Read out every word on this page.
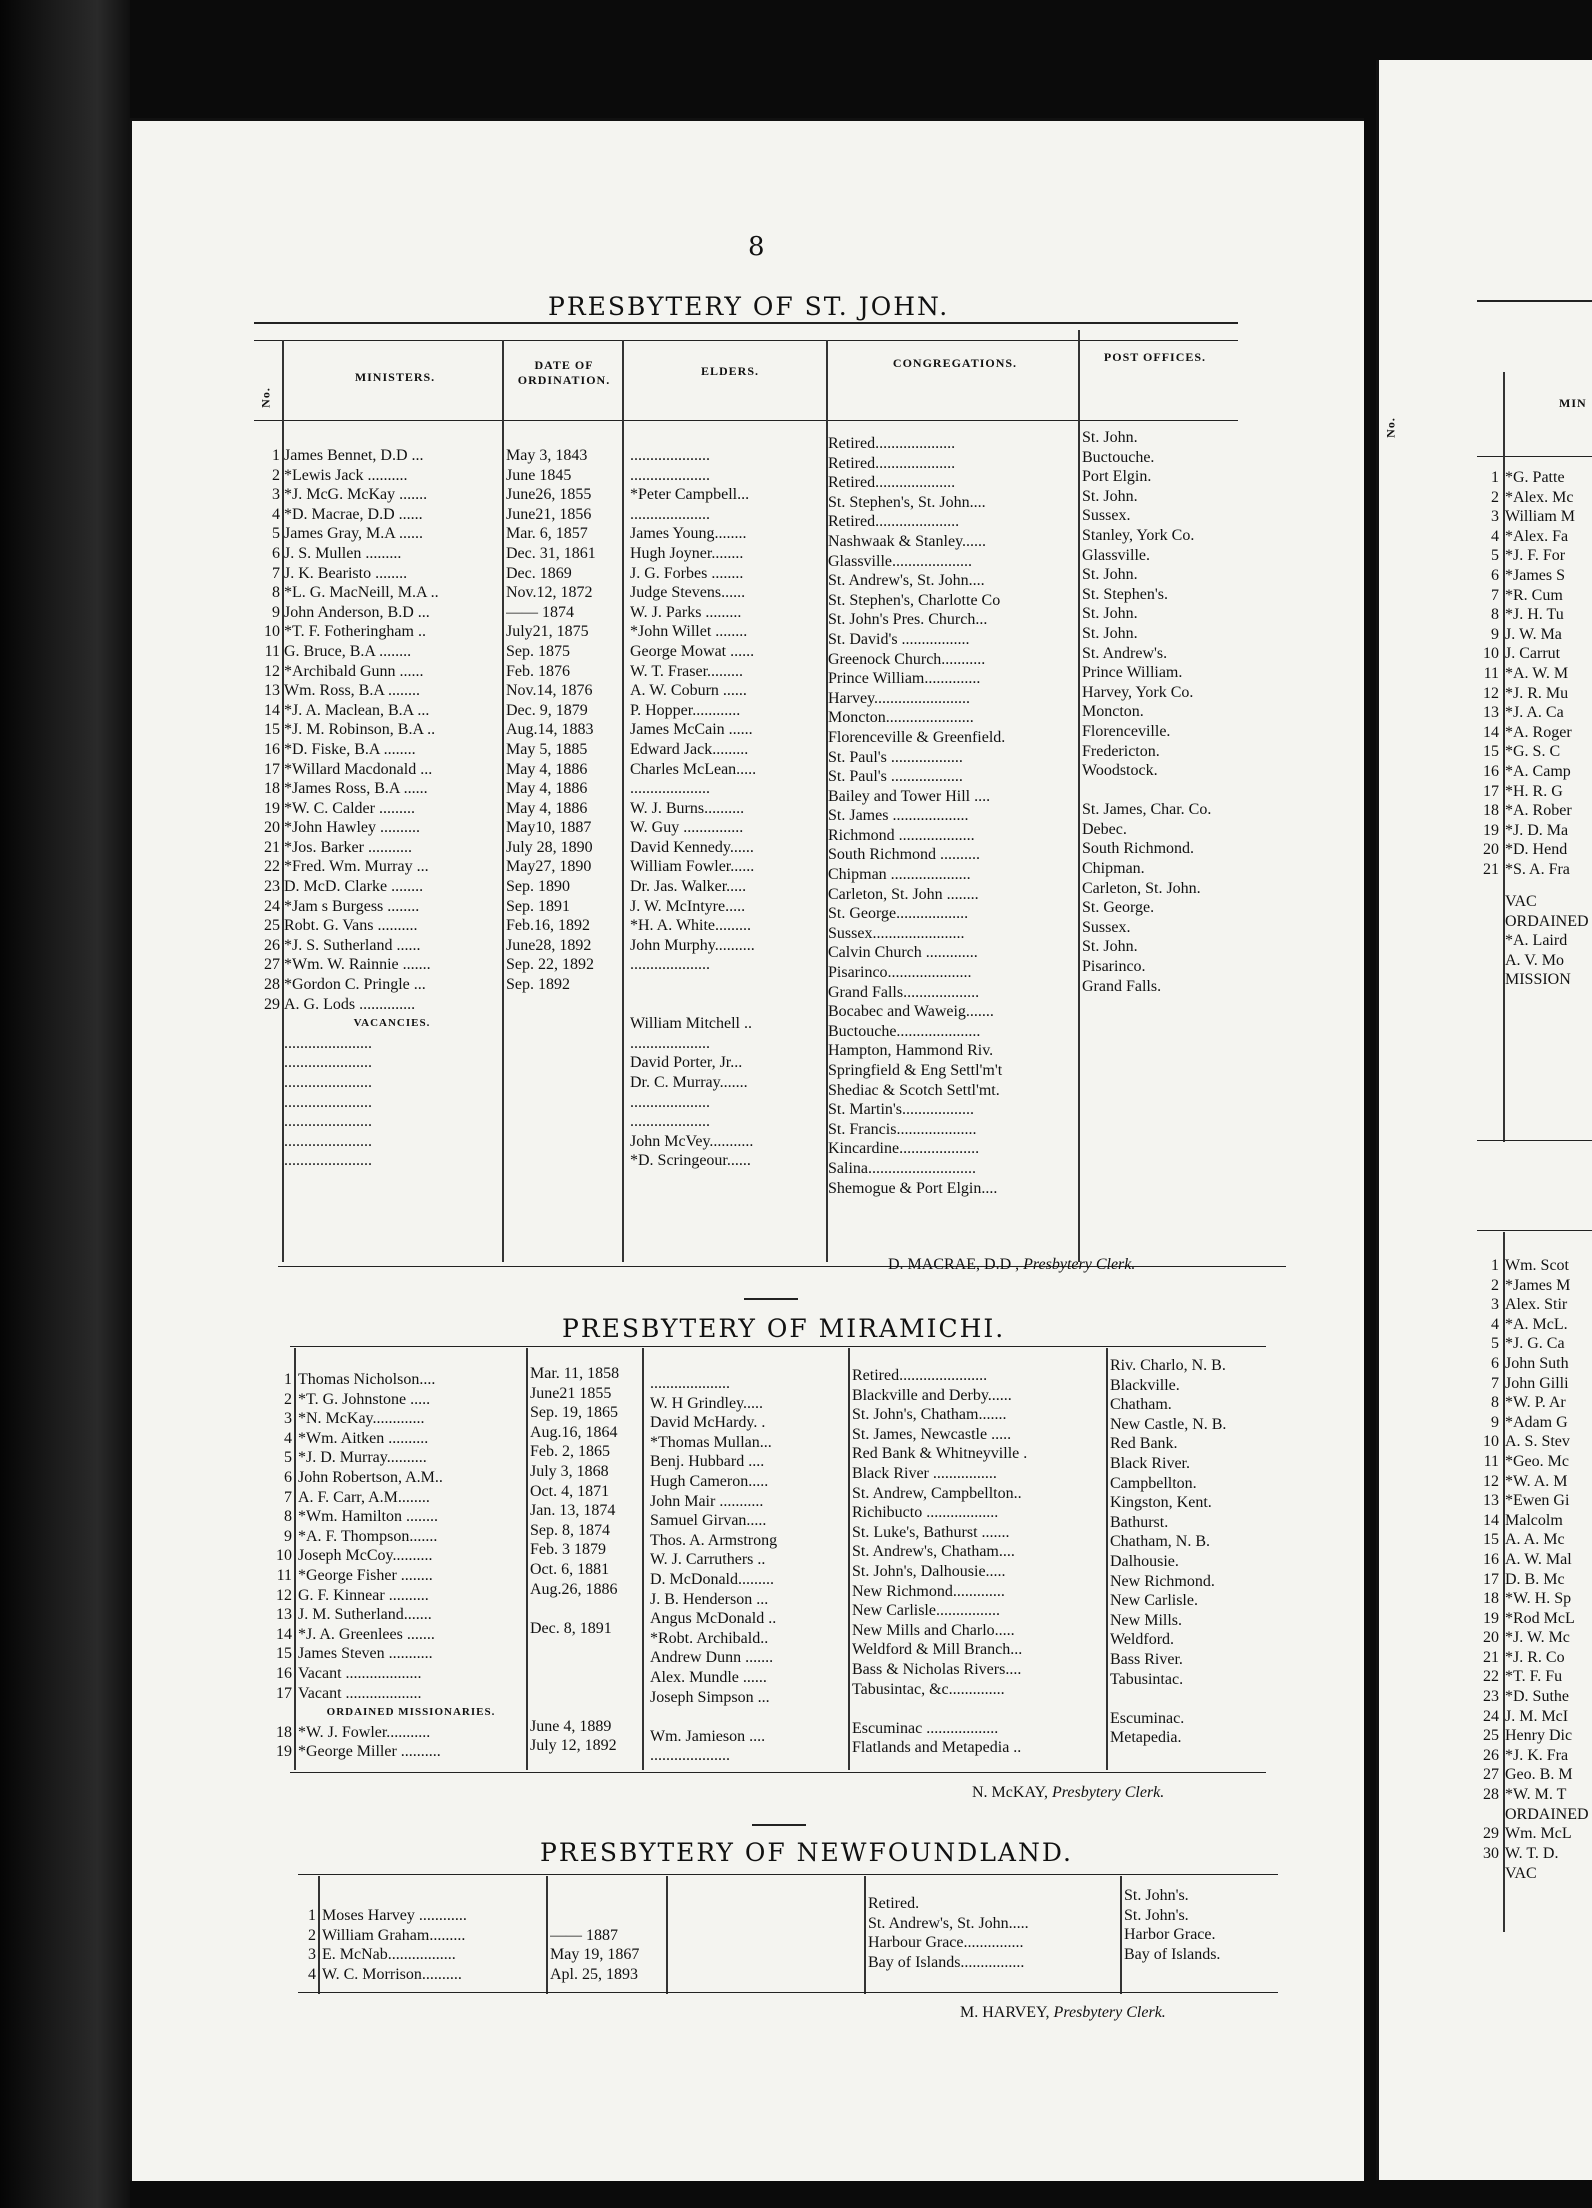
8
PRESBYTERY OF ST. JOHN.
No.
MINISTERS.
DATE OF ORDINATION.
ELDERS.
CONGREGATIONS.	POST OFFICES.
1
2
3
4
5
6
7
8
9
10
11
12
13
14
15
16
17
18
19
20
21
22
23
24
25
26
27
28
29
James Bennet, D.D ...
*Lewis Jack ..........
*J. McG. McKay .......
*D. Macrae, D.D ......
James Gray, M.A ......
J. S. Mullen .........
J. K. Bearisto ........
*L. G. MacNeill, M.A ..
John Anderson, B.D ...
*T. F. Fotheringham ..
G. Bruce, B.A ........
*Archibald Gunn ......
Wm. Ross, B.A ........
*J. A. Maclean, B.A ...
*J. M. Robinson, B.A ..
*D. Fiske, B.A ........
*Willard Macdonald ...
*James Ross, B.A ......
*W. C. Calder .........
*John Hawley ..........
*Jos. Barker ...........
*Fred. Wm. Murray ...
D. McD. Clarke ........
*Jam s Burgess ........
Robt. G. Vans ..........
*J. S. Sutherland ......
*Wm. W. Rainnie .......
*Gordon C. Pringle ...
A. G. Lods ..............
VACANCIES.
......................
......................
......................
......................
......................
......................
......................
May 3, 1843
June 1845
June26, 1855
June21, 1856
Mar. 6, 1857
Dec. 31, 1861
Dec. 1869
Nov.12, 1872
—— 1874
July21, 1875
Sep. 1875
Feb. 1876
Nov.14, 1876
Dec. 9, 1879
Aug.14, 1883
May 5, 1885
May 4, 1886
May 4, 1886
May 4, 1886
May10, 1887
July 28, 1890
May27, 1890
Sep. 1890
Sep. 1891
Feb.16, 1892
June28, 1892
Sep. 22, 1892
Sep. 1892
....................
....................
*Peter Campbell...
....................
James Young........
Hugh Joyner........
J. G. Forbes ........
Judge Stevens......
W. J. Parks .........
*John Willet ........
George Mowat ......
W. T. Fraser.........
A. W. Coburn ......
P. Hopper............
James McCain ......
Edward Jack.........
Charles McLean.....
....................
W. J. Burns..........
W. Guy ...............
David Kennedy......
William Fowler......
Dr. Jas. Walker.....
J. W. McIntyre.....
*H. A. White.........
John Murphy..........
....................
William Mitchell ..
....................
David Porter, Jr...
Dr. C. Murray.......
....................
....................
John McVey...........
*D. Scringeour......
Retired....................
Retired....................
Retired....................
St. Stephen's, St. John....
Retired.....................
Nashwaak & Stanley......
Glassville....................
St. Andrew's, St. John....
St. Stephen's, Charlotte Co
St. John's Pres. Church...
St. David's .................
Greenock Church...........
Prince William..............
Harvey........................
Moncton......................
Florenceville & Greenfield.
St. Paul's ..................
St. Paul's ..................
Bailey and Tower Hill ....
St. James ...................
Richmond ...................
South Richmond ..........
Chipman ....................
Carleton, St. John ........
St. George..................
Sussex.......................
Calvin Church .............
Pisarinco.....................
Grand Falls...................
Bocabec and Waweig.......
Buctouche.....................
Hampton, Hammond Riv.
Springfield & Eng Settl'm't
Shediac & Scotch Settl'mt.
St. Martin's..................
St. Francis....................
Kincardine....................
Salina...........................
Shemogue & Port Elgin....
St. John.
Buctouche.
Port Elgin.
St. John.
Sussex.
Stanley, York Co.
Glassville.
St. John.
St. Stephen's.
St. John.
St. John.
St. Andrew's.
Prince William.
Harvey, York Co.
Moncton.
Florenceville.
Fredericton.
Woodstock.
St. James, Char. Co.
Debec.
South Richmond.
Chipman.
Carleton, St. John.
St. George.
Sussex.
St. John.
Pisarinco.
Grand Falls.
D. MACRAE, D.D , Presbytery Clerk.
PRESBYTERY OF MIRAMICHI.
1
2
3
4
5
6
7
8
9
10
11
12
13
14
15
16
17
18
19
Thomas Nicholson....
*T. G. Johnstone .....
*N. McKay.............
*Wm. Aitken ..........
*J. D. Murray..........
John Robertson, A.M..
A. F. Carr, A.M........
*Wm. Hamilton ........
*A. F. Thompson.......
Joseph McCoy..........
*George Fisher ........
G. F. Kinnear ..........
J. M. Sutherland.......
*J. A. Greenlees .......
James Steven ...........
Vacant ...................
Vacant ...................
ORDAINED MISSIONARIES.
*W. J. Fowler...........
*George Miller ..........
Mar. 11, 1858
June21 1855
Sep. 19, 1865
Aug.16, 1864
Feb. 2, 1865
July 3, 1868
Oct. 4, 1871
Jan. 13, 1874
Sep. 8, 1874
Feb. 3 1879
Oct. 6, 1881
Aug.26, 1886
Dec. 8, 1891
June 4, 1889
July 12, 1892
....................
W. H Grindley.....
David McHardy. .
*Thomas Mullan...
Benj. Hubbard ....
Hugh Cameron.....
John Mair ...........
Samuel Girvan.....
Thos. A. Armstrong
W. J. Carruthers ..
D. McDonald.........
J. B. Henderson ...
Angus McDonald ..
*Robt. Archibald..
Andrew Dunn .......
Alex. Mundle ......
Joseph Simpson ...
Wm. Jamieson ....
....................
Retired......................
Blackville and Derby......
St. John's, Chatham.......
St. James, Newcastle .....
Red Bank & Whitneyville .
Black River ................
St. Andrew, Campbellton..
Richibucto ..................
St. Luke's, Bathurst .......
St. Andrew's, Chatham....
St. John's, Dalhousie.....
New Richmond.............
New Carlisle................
New Mills and Charlo.....
Weldford & Mill Branch...
Bass & Nicholas Rivers....
Tabusintac, &c..............
Escuminac ..................
Flatlands and Metapedia ..
Riv. Charlo, N. B.
Blackville.
Chatham.
New Castle, N. B.
Red Bank.
Black River.
Campbellton.
Kingston, Kent.
Bathurst.
Chatham, N. B.
Dalhousie.
New Richmond.
New Carlisle.
New Mills.
Weldford.
Bass River.
Tabusintac.
Escuminac.
Metapedia.
N. McKAY, Presbytery Clerk.
PRESBYTERY OF NEWFOUNDLAND.
1
2
3
4
Moses Harvey ............
William Graham.........
E. McNab.................
W. C. Morrison..........
—— 1887
May 19, 1867
Apl. 25, 1893
Retired.
St. Andrew's, St. John.....
Harbour Grace...............
Bay of Islands................
St. John's.
St. John's.
Harbor Grace.
Bay of Islands.
M. HARVEY, Presbytery Clerk.
No.
MIN
1
2
3
4
5
6
7
8
9
10
11
12
13
14
15
16
17
18
19
20
21
*G. Patte
*Alex. Mc
William M
*Alex. Fa
*J. F. For
*James S
*R. Cum
*J. H. Tu
J. W. Ma
J. Carrut
*A. W. M
*J. R. Mu
*J. A. Ca
*A. Roger
*G. S. C
*A. Camp
*H. R. G
*A. Rober
*J. D. Ma
*D. Hend
*S. A. Fra
VAC
ORDAINED
*A. Laird
A. V. Mo
MISSION
1
2
3
4
5
6
7
8
9
10
11
12
13
14
15
16
17
18
19
20
21
22
23
24
25
26
27
28
29
30
Wm. Scot
*James M
Alex. Stir
*A. McL.
*J. G. Ca
John Suth
John Gilli
*W. P. Ar
*Adam G
A. S. Stev
*Geo. Mc
*W. A. M
*Ewen Gi
Malcolm
A. A. Mc
A. W. Mal
D. B. Mc
*W. H. Sp
*Rod McL
*J. W. Mc
*J. R. Co
*T. F. Fu
*D. Suthe
J. M. McI
Henry Dic
*J. K. Fra
Geo. B. M
*W. M. T
ORDAINED
Wm. McL
W. T. D.
VAC
